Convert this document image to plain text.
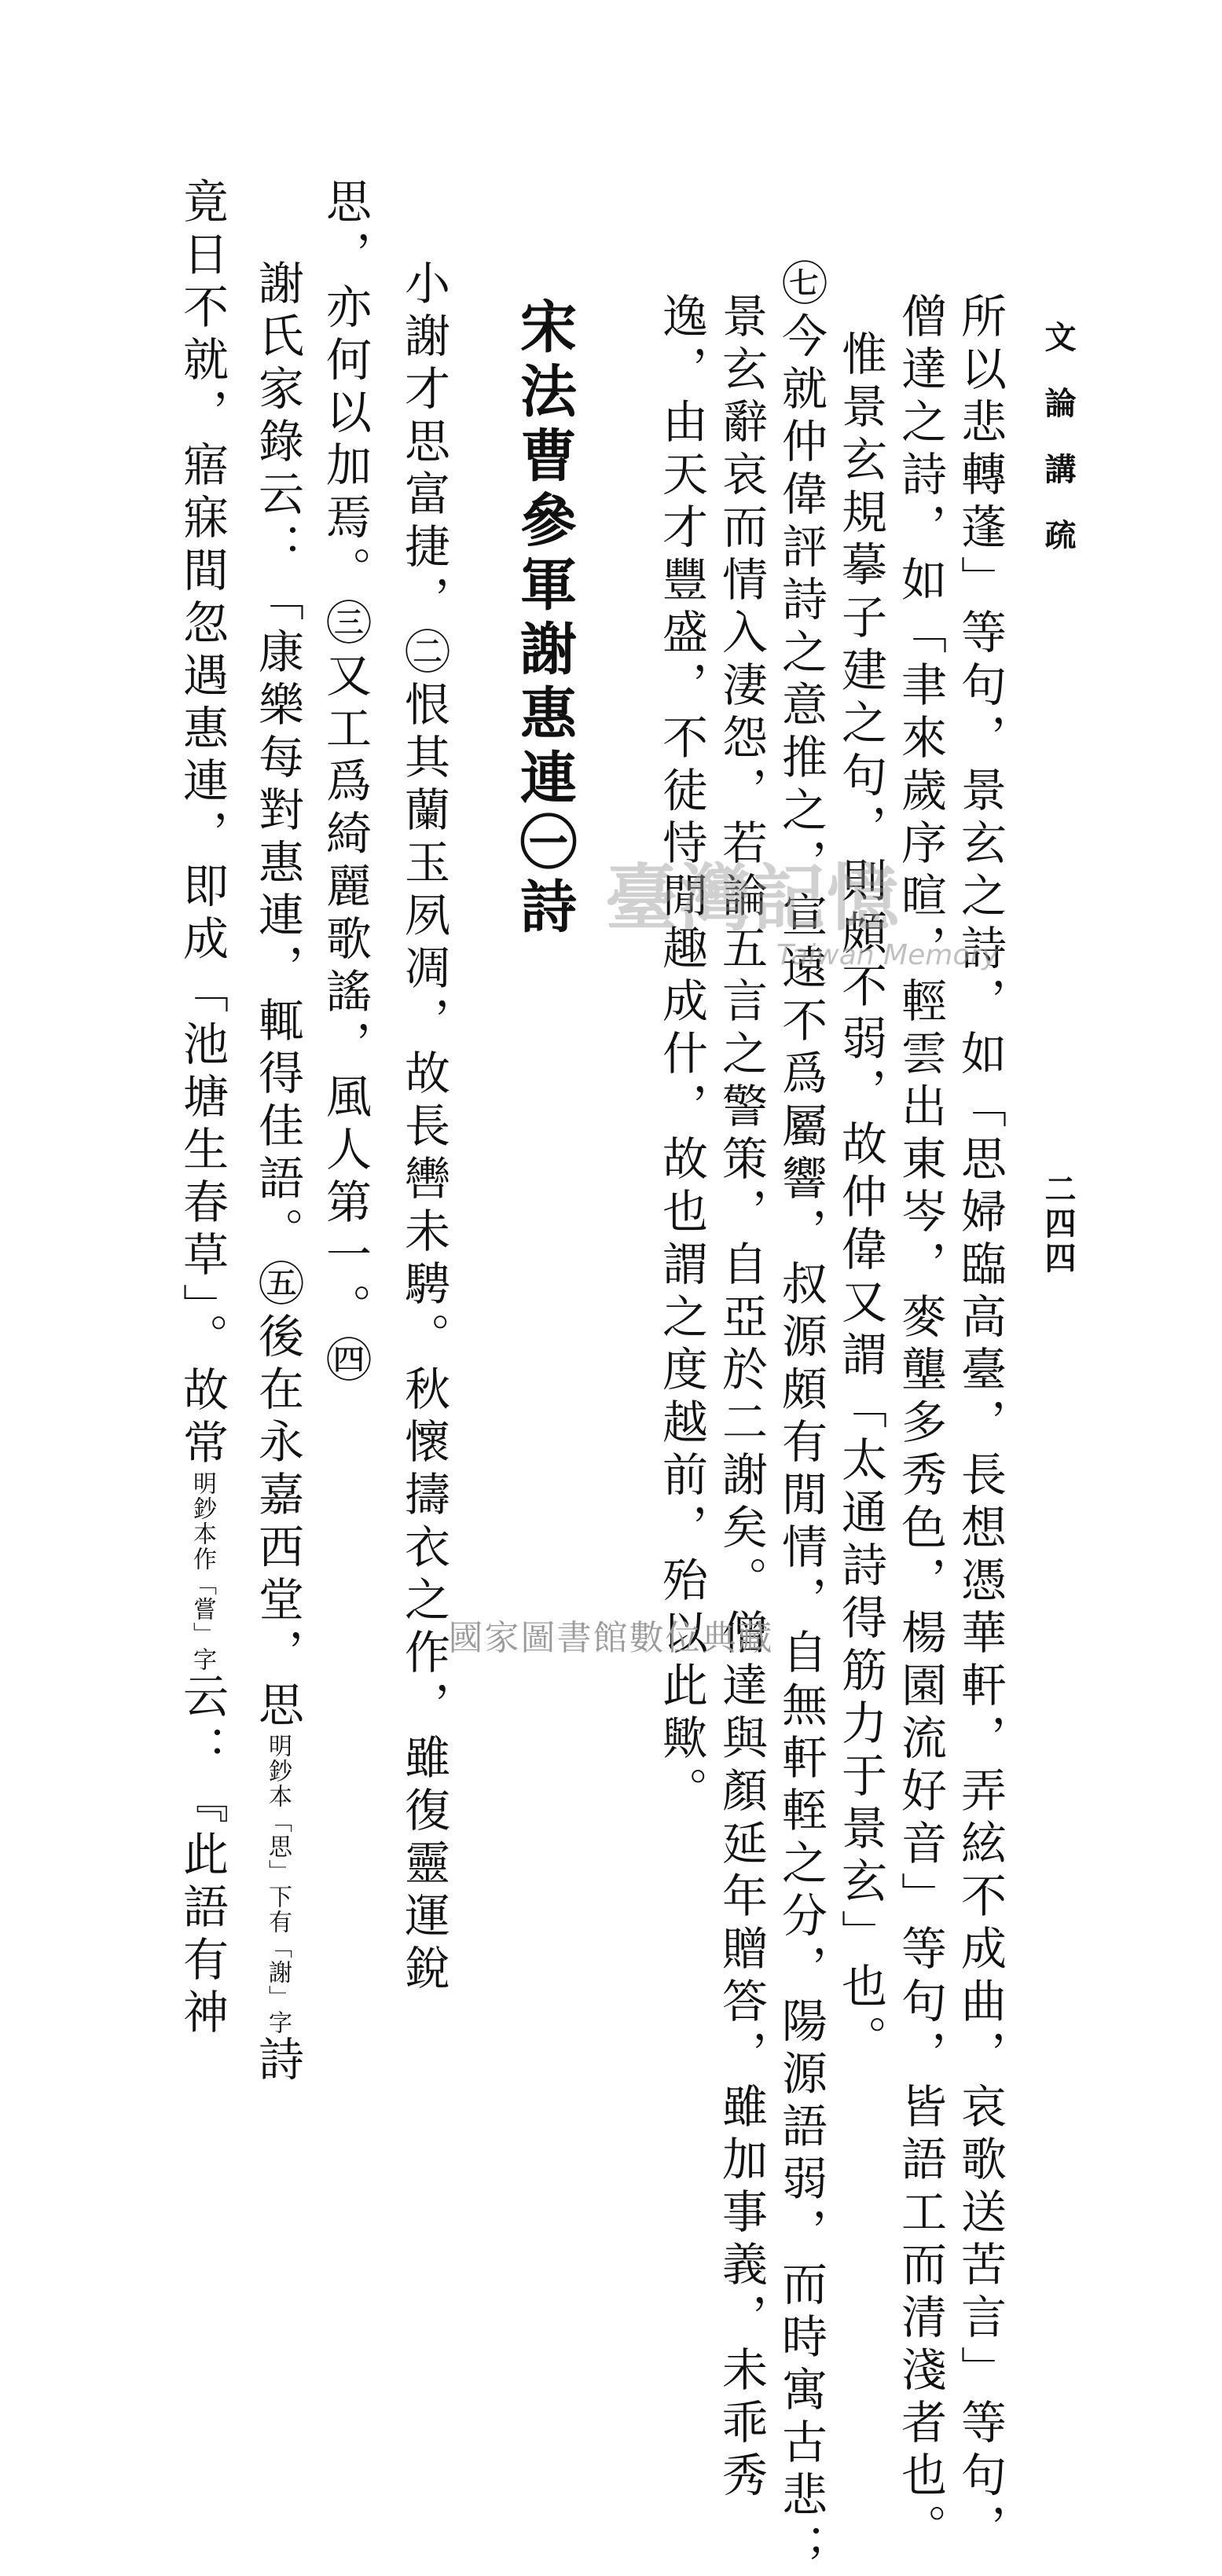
文論講疏
二四四
所以悲轉蓬」等句，景玄之詩，如「思婦臨高臺，長想憑華軒，弄絃不成曲，哀歌送苦言」等句，
僧達之詩，如「聿來歲序暄，輕雲出東岑，麥壟多秀色，楊園流好音」等句，皆語工而清淺者也。
惟景玄規摹子建之句，則頗不弱，故仲偉又謂「太通詩得筋力于景玄」也。
㊆今就仲偉評詩之意推之，宣遠不爲屬響，叔源頗有閒情，自無軒輊之分，陽源語弱，而時寓古悲；
景玄辭哀而情入淒怨，若論五言之警策，自亞於二謝矣。僧達與顏延年贈答，雖加事義，未乖秀
逸，由天才豐盛，不徒恃閒趣成什，故也謂之度越前，殆以此歟。
宋法曹參軍謝惠連㊀詩
小謝才思富捷，㊁恨其蘭玉夙凋，故長轡未騁。秋懷擣衣之作，雖復靈運銳
思，亦何以加焉。㊂又工爲綺麗歌謠，風人第一。㊃
謝氏家錄云：「康樂每對惠連，輒得佳語。㊄後在永嘉西堂，思明鈔本「思」下有「謝」字詩
竟日不就，寤寐間忽遇惠連，即成「池塘生春草」。故常明鈔本作「嘗」字云：『此語有神
臺灣記憶
Taiwan Memory
國家圖書館數位典藏
